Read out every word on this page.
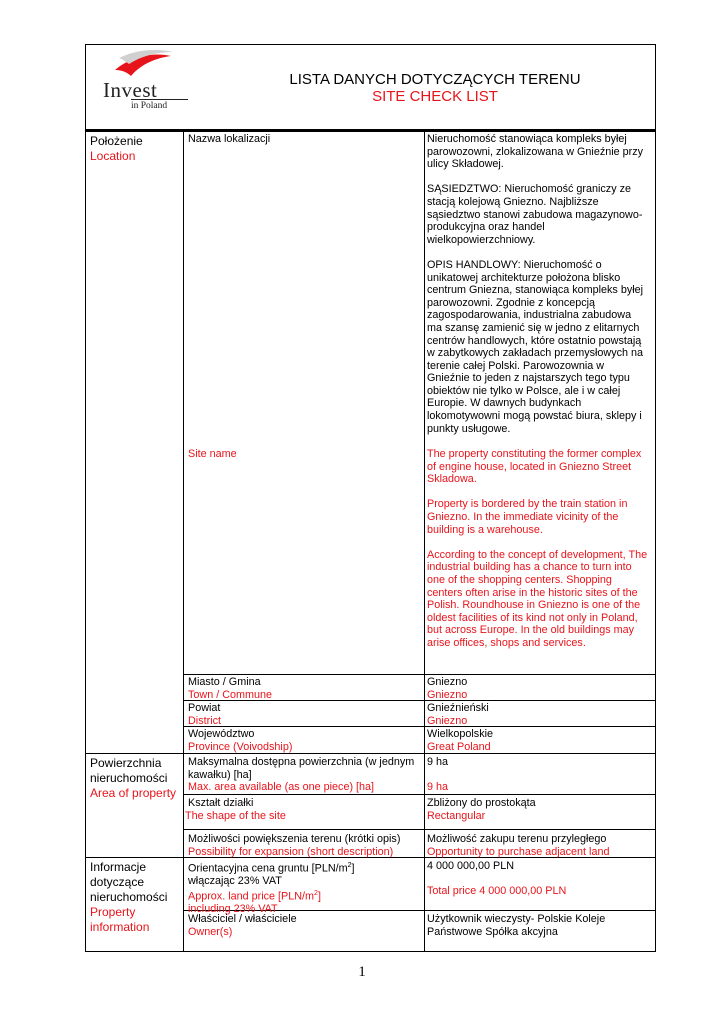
Invest
in Poland
LISTA DANYCH DOTYCZĄCYCH TERENU
SITE CHECK LIST
Położenie
Location
Nazwa lokalizacji
Site name

Nieruchomość stanowiąca kompleks byłej

parowozowni, zlokalizowana w Gnieźnie przy

ulicy Składowej.

SĄSIEDZTWO: Nieruchomość graniczy ze

stacją kolejową Gniezno. Najbliższe

sąsiedztwo stanowi zabudowa magazynowo-

produkcyjna oraz handel

wielkopowierzchniowy.

OPIS HANDLOWY: Nieruchomość o

unikatowej architekturze położona blisko

centrum Gniezna, stanowiąca kompleks byłej

parowozowni. Zgodnie z koncepcją

zagospodarowania, industrialna zabudowa

ma szansę zamienić się w jedno z elitarnych

centrów handlowych, które ostatnio powstają

w zabytkowych zakładach przemysłowych na

terenie całej Polski. Parowozownia w

Gnieźnie to jeden z najstarszych tego typu

obiektów nie tylko w Polsce, ale i w całej

Europie. W dawnych budynkach

lokomotywowni mogą powstać biura, sklepy i

punkty usługowe.

The property constituting the former complex

of engine house, located in Gniezno Street

Skladowa.

Property is bordered by the train station in

Gniezno. In the immediate vicinity of the

building is a warehouse.

According to the concept of development, The

industrial building has a chance to turn into

one of the shopping centers. Shopping

centers often arise in the historic sites of the

Polish. Roundhouse in Gniezno is one of the

oldest facilities of its kind not only in Poland,

but across Europe. In the old buildings may

arise offices, shops and services.

Miasto / Gmina

Town / Commune

Gniezno

Gniezno

Powiat

District

Gnieźnieński

Gniezno

Województwo

Province (Voivodship)

Wielkopolskie

Great Poland

Powierzchnia
nieruchomości
Area of property

Maksymalna dostępna powierzchnia (w jednym

kawałku) [ha]

Max. area available (as one piece) [ha]

9 ha

9 ha

Kształt działki

The shape of the site

Zbliżony do prostokąta

Rectangular

Możliwości powiększenia terenu (krótki opis)

Possibility for expansion (short description)

Możliwość zakupu terenu przyległego

Opportunity to purchase adjacent land

Informacje
dotyczące
nieruchomości
Property
information

Orientacyjna cena gruntu $[PLN/m^2]$

włączając 23% VAT

Approx. land price $[PLN/m^2]$

including 23% VAT

4 000 000,00 PLN

Total price 4 000 000,00 PLN

Właściciel / właściciele

Owner(s)

Użytkownik wieczysty- Polskie Koleje

Państwowe Spółka akcyjna

1
